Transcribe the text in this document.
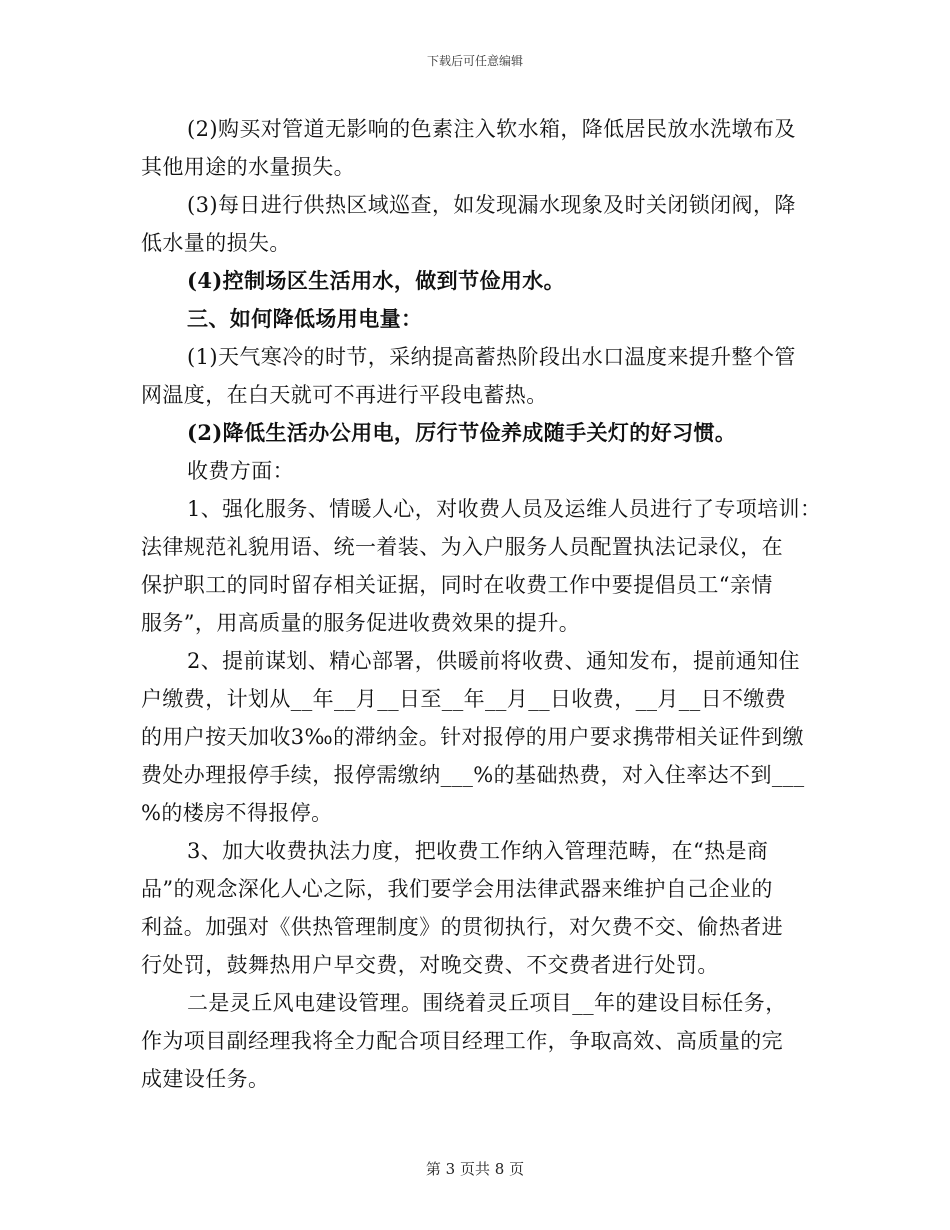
下载后可任意编辑
(2)购买对管道无影响的色素注入软水箱，降低居民放水洗墩布及
其他用途的水量损失。
(3)每日进行供热区域巡查，如发现漏水现象及时关闭锁闭阀，降
低水量的损失。
(4)控制场区生活用水，做到节俭用水。
三、如何降低场用电量：
(1)天气寒冷的时节，采纳提高蓄热阶段出水口温度来提升整个管
网温度，在白天就可不再进行平段电蓄热。
(2)降低生活办公用电，厉行节俭养成随手关灯的好习惯。
收费方面：
1、强化服务、情暖人心，对收费人员及运维人员进行了专项培训：
法律规范礼貌用语、统一着装、为入户服务人员配置执法记录仪，在
保护职工的同时留存相关证据，同时在收费工作中要提倡员工“亲情
服务”，用高质量的服务促进收费效果的提升。
2、提前谋划、精心部署，供暖前将收费、通知发布，提前通知住
户缴费，计划从__年__月__日至__年__月__日收费，__月__日不缴费
的用户按天加收3‰的滞纳金。针对报停的用户要求携带相关证件到缴
费处办理报停手续，报停需缴纳___%的基础热费，对入住率达不到___
%的楼房不得报停。
3、加大收费执法力度，把收费工作纳入管理范畴，在“热是商
品”的观念深化人心之际，我们要学会用法律武器来维护自己企业的
利益。加强对《供热管理制度》的贯彻执行，对欠费不交、偷热者进
行处罚，鼓舞热用户早交费，对晚交费、不交费者进行处罚。
二是灵丘风电建设管理。围绕着灵丘项目__年的建设目标任务，
作为项目副经理我将全力配合项目经理工作，争取高效、高质量的完
成建设任务。
第 3 页共 8 页
